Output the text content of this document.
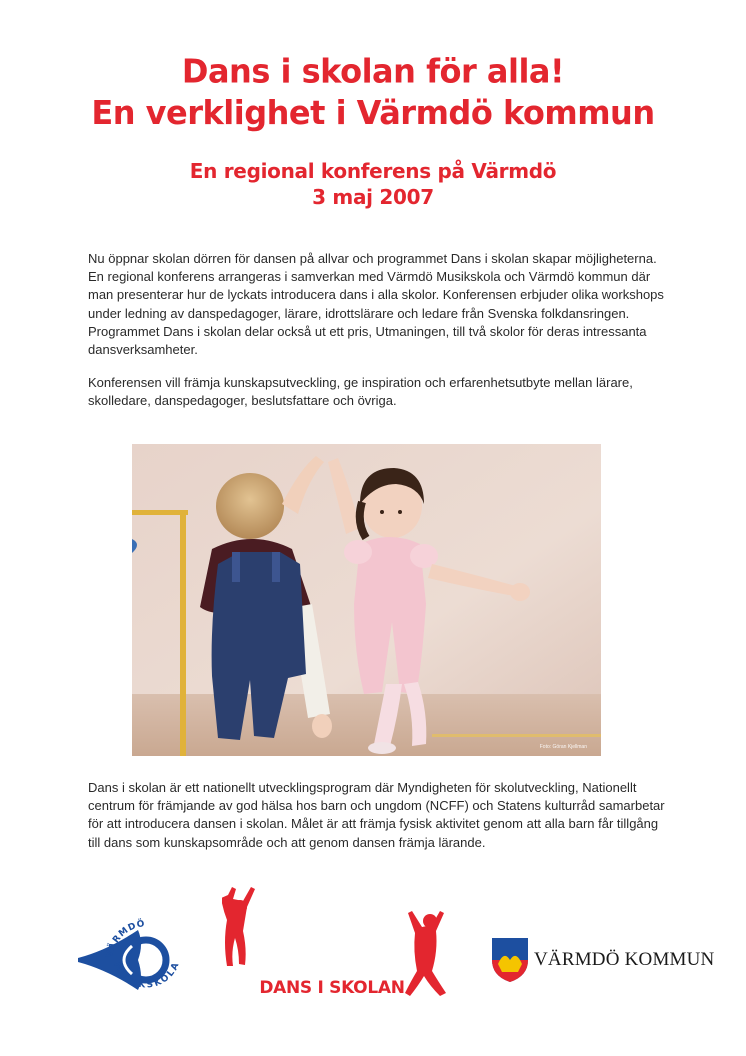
Dans i skolan för alla!
En verklighet i Värmdö kommun
En regional konferens på Värmdö
3 maj 2007

Nu öppnar skolan dörren för dansen på allvar och programmet Dans i skolan skapar möjligheterna. En regional konferens arrangeras i samverkan med Värmdö Musikskola och Värmdö kommun där man presenterar hur de lyckats introducera dans i alla skolor. Konferensen erbjuder olika workshops under ledning av danspedagoger, lärare, idrottslärare och ledare från Svenska folkdansringen. Programmet Dans i skolan delar också ut ett pris, Utmaningen, till två skolor för deras intressanta dansverksamheter.

Konferensen vill främja kunskapsutveckling, ge inspiration och erfarenhetsutbyte mellan lärare, skolledare, danspedagoger, beslutsfattare och övriga.

Foto: Göran Kjellman

Dans i skolan är ett nationellt utvecklingsprogram där Myndigheten för skolutveckling, Nationellt centrum för främjande av god hälsa hos barn och ungdom (NCFF) och Statens kulturråd samarbetar för att introducera dansen i skolan. Målet är att främja fysisk aktivitet genom att alla barn får tillgång till dans som kunskapsområde och att genom dansen främja lärande.

VÄRMDÖ
MUSIKSKOLA
DANS I SKOLAN
VÄRMDÖ KOMMUN
